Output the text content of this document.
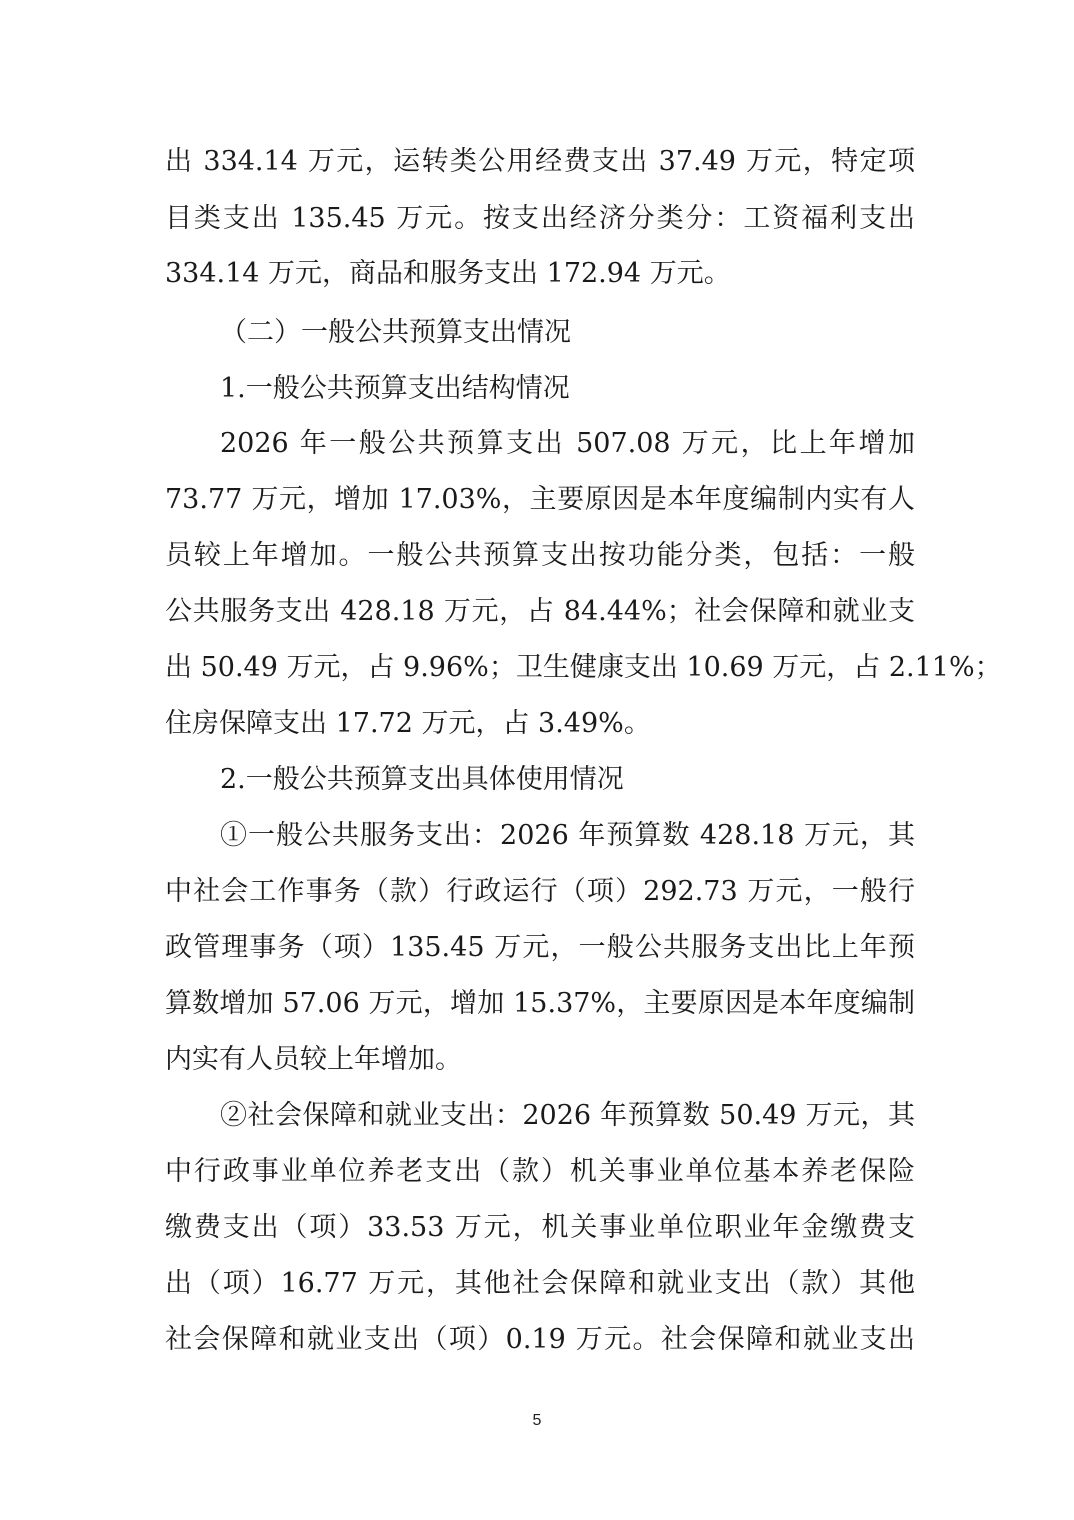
出 334.14 万元，运转类公用经费支出 37.49 万元，特定项
目类支出 135.45 万元。按支出经济分类分：工资福利支出
334.14 万元，商品和服务支出 172.94 万元。
（二）一般公共预算支出情况
1.一般公共预算支出结构情况
2026 年一般公共预算支出 507.08 万元，比上年增加
73.77 万元，增加 17.03%，主要原因是本年度编制内实有人
员较上年增加。一般公共预算支出按功能分类，包括：一般
公共服务支出 428.18 万元，占 84.44%；社会保障和就业支
出 50.49 万元，占 9.96%；卫生健康支出 10.69 万元，占 2.11%；
住房保障支出 17.72 万元，占 3.49%。
2.一般公共预算支出具体使用情况
①一般公共服务支出：2026 年预算数 428.18 万元，其
中社会工作事务（款）行政运行（项）292.73 万元，一般行
政管理事务（项）135.45 万元，一般公共服务支出比上年预
算数增加 57.06 万元，增加 15.37%，主要原因是本年度编制
内实有人员较上年增加。
②社会保障和就业支出：2026 年预算数 50.49 万元，其
中行政事业单位养老支出（款）机关事业单位基本养老保险
缴费支出（项）33.53 万元，机关事业单位职业年金缴费支
出（项）16.77 万元，其他社会保障和就业支出（款）其他
社会保障和就业支出（项）0.19 万元。社会保障和就业支出
5
